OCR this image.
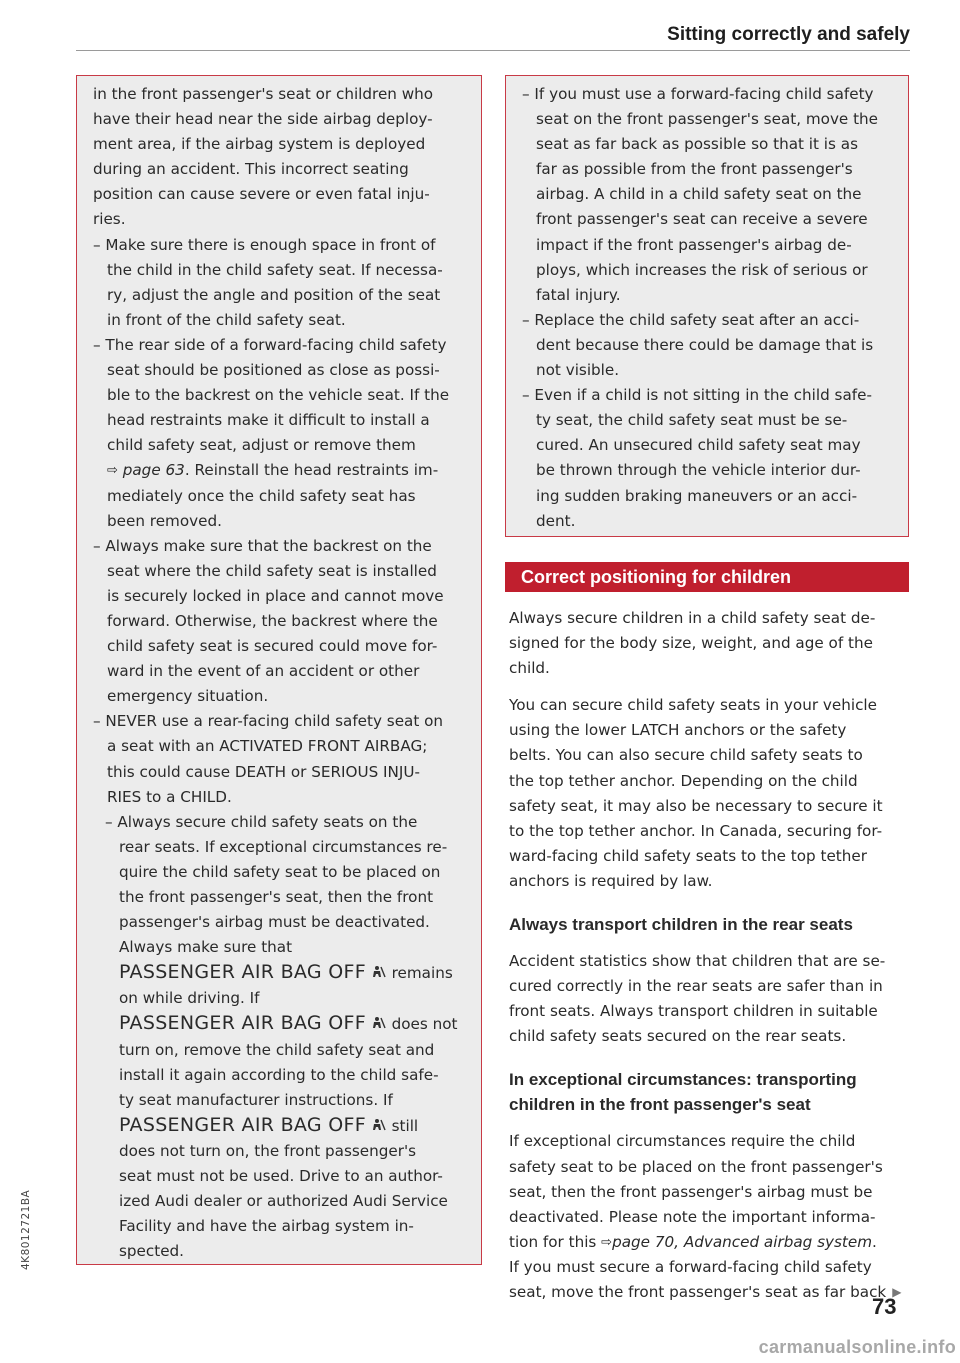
Sitting correctly and safely

in the front passenger's seat or children who

have their head near the side airbag deploy-

ment area, if the airbag system is deployed

during an accident. This incorrect seating

position can cause severe or even fatal inju-

ries.

– Make sure there is enough space in front of

the child in the child safety seat. If necessa-

ry, adjust the angle and position of the seat

in front of the child safety seat.

– The rear side of a forward-facing child safety

seat should be positioned as close as possi-

ble to the backrest on the vehicle seat. If the

head restraints make it difficult to install a

child safety seat, adjust or remove them

⇨ page 63. Reinstall the head restraints im-

mediately once the child safety seat has

been removed.

– Always make sure that the backrest on the

seat where the child safety seat is installed

is securely locked in place and cannot move

forward. Otherwise, the backrest where the

child safety seat is secured could move for-

ward in the event of an accident or other

emergency situation.

– NEVER use a rear-facing child safety seat on

a seat with an ACTIVATED FRONT AIRBAG;

this could cause DEATH or SERIOUS INJU-

RIES to a CHILD.

– Always secure child safety seats on the

rear seats. If exceptional circumstances re-

quire the child safety seat to be placed on

the front passenger's seat, then the front

passenger's airbag must be deactivated.

Always make sure that

PASSENGER AIR BAG OFF remains

on while driving. If

PASSENGER AIR BAG OFF does not

turn on, remove the child safety seat and

install it again according to the child safe-

ty seat manufacturer instructions. If

PASSENGER AIR BAG OFF still

does not turn on, the front passenger's

seat must not be used. Drive to an author-

ized Audi dealer or authorized Audi Service

Facility and have the airbag system in-

spected.

– If you must use a forward-facing child safety

seat on the front passenger's seat, move the

seat as far back as possible so that it is as

far as possible from the front passenger's

airbag. A child in a child safety seat on the

front passenger's seat can receive a severe

impact if the front passenger's airbag de-

ploys, which increases the risk of serious or

fatal injury.

– Replace the child safety seat after an acci-

dent because there could be damage that is

not visible.

– Even if a child is not sitting in the child safe-

ty seat, the child safety seat must be se-

cured. An unsecured child safety seat may

be thrown through the vehicle interior dur-

ing sudden braking maneuvers or an acci-

dent.

Correct positioning for children

Always secure children in a child safety seat de-

signed for the body size, weight, and age of the

child.

You can secure child safety seats in your vehicle

using the lower LATCH anchors or the safety

belts. You can also secure child safety seats to

the top tether anchor. Depending on the child

safety seat, it may also be necessary to secure it

to the top tether anchor. In Canada, securing for-

ward-facing child safety seats to the top tether

anchors is required by law.

Always transport children in the rear seats

Accident statistics show that children that are se-

cured correctly in the rear seats are safer than in

front seats. Always transport children in suitable

child safety seats secured on the rear seats.

In exceptional circumstances: transporting
children in the front passenger's seat

If exceptional circumstances require the child

safety seat to be placed on the front passenger's

seat, then the front passenger's airbag must be

deactivated. Please note the important informa-

tion for this ⇨page 70, Advanced airbag system.

If you must secure a forward-facing child safety

seat, move the front passenger's seat as far back ▶

4K8012721BA

73

carmanualsonline.info
